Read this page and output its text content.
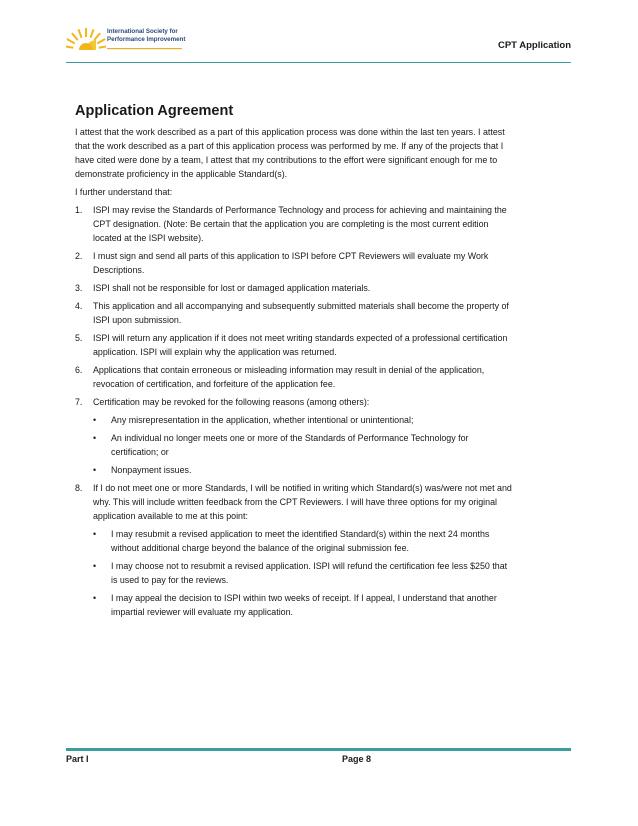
International Society for
Performance Improvement
CPT Application
Application Agreement

I attest that the work described as a part of this application process was done within the last ten years. I attest that the work described as a part of this application process was performed by me. If any of the projects that I have cited were done by a team, I attest that my contributions to the effort were significant enough for me to demonstrate proficiency in the applicable Standard(s).

I further understand that:

1. ISPI may revise the Standards of Performance Technology and process for achieving and maintaining the CPT designation. (Note: Be certain that the application you are completing is the most current edition located at the ISPI website).
2. I must sign and send all parts of this application to ISPI before CPT Reviewers will evaluate my Work Descriptions.
3. ISPI shall not be responsible for lost or damaged application materials.
4. This application and all accompanying and subsequently submitted materials shall become the property of ISPI upon submission.
5. ISPI will return any application if it does not meet writing standards expected of a professional certification application. ISPI will explain why the application was returned.
6. Applications that contain erroneous or misleading information may result in denial of the application, revocation of certification, and forfeiture of the application fee.
7. Certification may be revoked for the following reasons (among others):
• Any misrepresentation in the application, whether intentional or unintentional;
• An individual no longer meets one or more of the Standards of Performance Technology for certification; or
• Nonpayment issues.
8. If I do not meet one or more Standards, I will be notified in writing which Standard(s) was/were not met and why. This will include written feedback from the CPT Reviewers. I will have three options for my original application available to me at this point:
• I may resubmit a revised application to meet the identified Standard(s) within the next 24 months without additional charge beyond the balance of the original submission fee.
• I may choose not to resubmit a revised application. ISPI will refund the certification fee less $250 that is used to pay for the reviews.
• I may appeal the decision to ISPI within two weeks of receipt. If I appeal, I understand that another impartial reviewer will evaluate my application.
Part I	Page 8
